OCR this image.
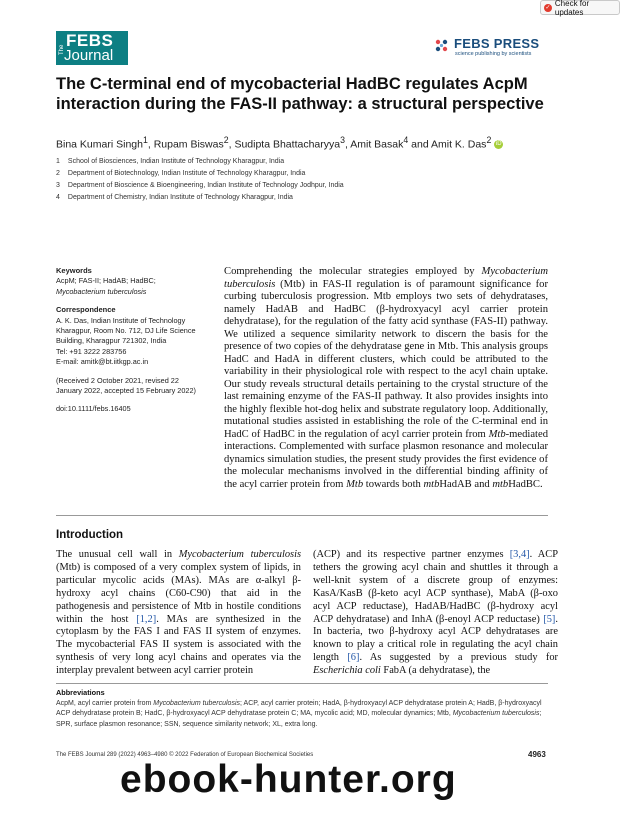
✓ Check for updates
The FEBS
Journal
FEBS PRESS
science publishing by scientists
The C-terminal end of mycobacterial HadBC regulates AcpM interaction during the FAS-II pathway: a structural perspective
Bina Kumari Singh$^1$, Rupam Biswas$^2$, Sudipta Bhattacharyya$^3$, Amit Basak$^4$ and Amit K. Das$^2$ iD
1 School of Biosciences, Indian Institute of Technology Kharagpur, India
2 Department of Biotechnology, Indian Institute of Technology Kharagpur, India
3 Department of Bioscience & Bioengineering, Indian Institute of Technology Jodhpur, India
4 Department of Chemistry, Indian Institute of Technology Kharagpur, India
Keywords

AcpM; FAS-II; HadAB; HadBC;

Mycobacterium tuberculosis

Correspondence

A. K. Das, Indian Institute of Technology

Kharagpur, Room No. 712, DJ Life Science

Building, Kharagpur 721302, India

Tel: +91 3222 283756

E-mail: amitk@bt.iitkgp.ac.in

(Received 2 October 2021, revised 22

January 2022, accepted 15 February 2022)

doi:10.1111/febs.16405

Comprehending the molecular strategies employed by Mycobacterium tuberculosis (Mtb) in FAS-II regulation is of paramount significance for curbing tuberculosis progression. Mtb employs two sets of dehydratases, namely HadAB and HadBC (β-hydroxyacyl acyl carrier protein dehydratase), for the regulation of the fatty acid synthase (FAS-II) pathway. We utilized a sequence similarity network to discern the basis for the presence of two copies of the dehydratase gene in Mtb. This analysis groups HadC and HadA in different clusters, which could be attributed to the variability in their physiological role with respect to the acyl chain uptake. Our study reveals structural details pertaining to the crystal structure of the last remaining enzyme of the FAS-II pathway. It also provides insights into the highly flexible hot-dog helix and substrate regulatory loop. Additionally, mutational studies assisted in establishing the role of the C-terminal end in HadC of HadBC in the regulation of acyl carrier protein from Mtb-mediated interactions. Complemented with surface plasmon resonance and molecular dynamics simulation studies, the present study provides the first evidence of the molecular mechanisms involved in the differential binding affinity of the acyl carrier protein from Mtb towards both mtbHadAB and mtbHadBC.
Introduction
The unusual cell wall in Mycobacterium tuberculosis (Mtb) is composed of a very complex system of lipids, in particular mycolic acids (MAs). MAs are α-alkyl β-hydroxy acyl chains (C60-C90) that aid in the pathogenesis and persistence of Mtb in hostile conditions within the host [1,2]. MAs are synthesized in the cytoplasm by the FAS I and FAS II system of enzymes. The mycobacterial FAS II system is associated with the synthesis of very long acyl chains and operates via the interplay prevalent between acyl carrier protein
(ACP) and its respective partner enzymes [3,4]. ACP tethers the growing acyl chain and shuttles it through a well-knit system of a discrete group of enzymes: KasA/KasB (β-keto acyl ACP synthase), MabA (β-oxo acyl ACP reductase), HadAB/HadBC (β-hydroxy acyl ACP dehydratase) and InhA (β-enoyl ACP reductase) [5]. In bacteria, two β-hydroxy acyl ACP dehydratases are known to play a critical role in regulating the acyl chain length [6]. As suggested by a previous study for Escherichia coli FabA (a dehydratase), the
Abbreviations

AcpM, acyl carrier protein from Mycobacterium tuberculosis; ACP, acyl carrier protein; HadA, β-hydroxyacyl ACP dehydratase protein A; HadB, β-hydroxyacyl ACP dehydratase protein B; HadC, β-hydroxyacyl ACP dehydratase protein C; MA, mycolic acid; MD, molecular dynamics; Mtb, Mycobacterium tuberculosis; SPR, surface plasmon resonance; SSN, sequence similarity network; XL, extra long.

The FEBS Journal 289 (2022) 4963–4980 © 2022 Federation of European Biochemical Societies	4963
ebook-hunter.org
